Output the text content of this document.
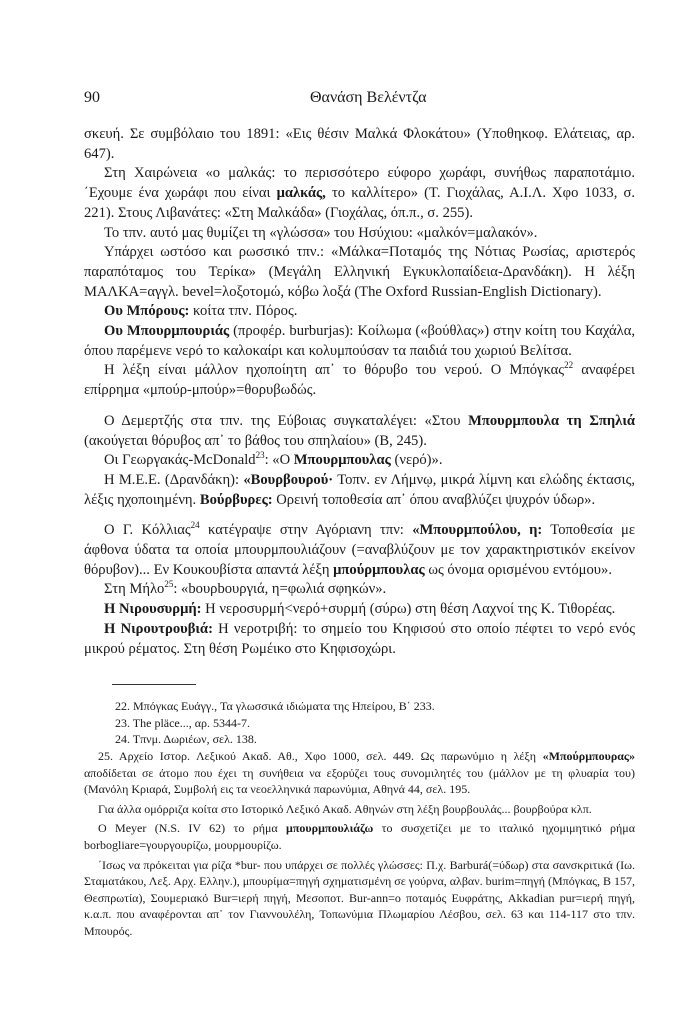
90	Θανάση Βελέντζα

σκευή. Σε συμβόλαιο του 1891: «Εις θέσιν Μαλκά Φλοκάτου» (Υποθηκοφ. Ελάτειας, αρ. 647).

Στη Χαιρώνεια «ο μαλκάς: το περισσότερο εύφορο χωράφι, συνήθως παραποτάμιο. ΄Εχουμε ένα χωράφι που είναι μαλκάς, το καλλίτερο» (Τ. Γιοχάλας, Α.Ι.Λ. Χφο 1033, σ. 221). Στους Λιβανάτες: «Στη Μαλκάδα» (Γιοχάλας, όπ.π., σ. 255).

Το τπν. αυτό μας θυμίζει τη «γλώσσα» του Ησύχιου: «μαλκόν=μαλακόν».

Υπάρχει ωστόσο και ρωσσικό τπν.: «Μάλκα=Ποταμός της Νότιας Ρωσίας, αριστερός παραπόταμος του Τερίκα» (Μεγάλη Ελληνική Εγκυκλοπαίδεια-Δρανδάκη). Η λέξη ΜΑΛΚΑ=αγγλ. bevel=λοξοτομώ, κόβω λοξά (The Oxford Russian-English Dictionary).

Ου Μπόρους: κοίτα τπν. Πόρος.

Ου Μπουρμπουριάς (προφέρ. burburjas): Κοίλωμα («βούθλας») στην κοίτη του Καχάλα, όπου παρέμενε νερό το καλοκαίρι και κολυμπούσαν τα παιδιά του χωριού Βελίτσα.

Η λέξη είναι μάλλον ηχοποίητη απ᾿ το θόρυβο του νερού. Ο Μπόγκας$^{22}$ αναφέρει επίρρημα «μπούρ-μπούρ»=θορυβωδώς.

Ο Δεμερτζής στα τπν. της Εύβοιας συγκαταλέγει: «Στου Μπουρμπουλα τη Σπηλιά (ακούγεται θόρυβος απ᾿ το βάθος του σπηλαίου» (Β, 245).

Οι Γεωργακάς-McDonald$^{23}$: «Ο Μπουρμπουλας (νερό)».

Η Μ.Ε.Ε. (Δρανδάκη): «Βουρβουρού· Τοπν. εν Λήμνῳ, μικρά λίμνη και ελώδης έκτασις, λέξις ηχοποιημένη. Βούρβυρες: Ορεινή τοποθεσία απ᾿ όπου αναβλύζει ψυχρόν ύδωρ».

Ο Γ. Κόλλιας$^{24}$ κατέγραψε στην Αγόριανη τπν: «Μπουρμπούλου, η: Τοποθεσία με άφθονα ύδατα τα οποία μπουρμπουλιάζουν (=αναβλύζουν με τον χαρακτηριστικόν εκείνον θόρυβον)... Εν Κουκουβίστα απαντά λέξη μπούρμπουλας ως όνομα ορισμένου εντόμου».

Στη Μήλο$^{25}$: «bουρbουργιά, η=φωλιά σφηκών».

Η Νιρουσυρμή: Η νεροσυρμή<νερό+συρμή (σύρω) στη θέση Λαχνοί της Κ. Τιθορέας.

Η Νιρουτρουβιά: Η νεροτριβή: το σημείο του Κηφισού στο οποίο πέφτει το νερό ενός μικρού ρέματος. Στη θέση Ρωμέικο στο Κηφισοχώρι.

22. Μπόγκας Ευάγγ., Τα γλωσσικά ιδιώματα της Ηπείρου, Β΄ 233.

23. The pläce..., αρ. 5344-7.

24. Τπνμ. Δωριέων, σελ. 138.

25. Αρχείο Ιστορ. Λεξικού Ακαδ. Αθ., Χφο 1000, σελ. 449. Ως παρωνύμιο η λέξη «Μπούρμπουρας» αποδίδεται σε άτομο που έχει τη συνήθεια να εξορύζει τους συνομιλητές του (μάλλον με τη φλυαρία του) (Μανόλη Κριαρά, Συμβολή εις τα νεοελληνικά παρωνύμια, Αθηνά 44, σελ. 195.

Για άλλα ομόρριζα κοίτα στο Ιστορικό Λεξικό Ακαδ. Αθηνών στη λέξη βουρβουλάς... βουρβούρα κλπ.

Ο Meyer (N.S. IV 62) το ρήμα μπουρμπουλιάζω το συσχετίζει με το ιταλικό ηχομιμητικό ρήμα borbogliare=γουργουρίζω, μουρμουρίζω.

΄Ισως να πρόκειται για ρίζα *bur- που υπάρχει σε πολλές γλώσσες: Π.χ. Barburá(=ύδωρ) στα σανσκριτικά (Ιω. Σταματάκου, Λεξ. Αρχ. Ελλην.), μπουρίμα=πηγή σχηματισμένη σε γούρνα, αλβαν. burim=πηγή (Μπόγκας, Β 157, Θεσπρωτία), Σουμεριακό Bur=ιερή πηγή, Μεσοποτ. Bur-ann=ο ποταμός Ευφράτης, Akkadian pur=ιερή πηγή, κ.α.π. που αναφέρονται απ᾿ τον Γιαννουλέλη, Τοπωνύμια Πλωμαρίου Λέσβου, σελ. 63 και 114-117 στο τπν. Μπουρός.
